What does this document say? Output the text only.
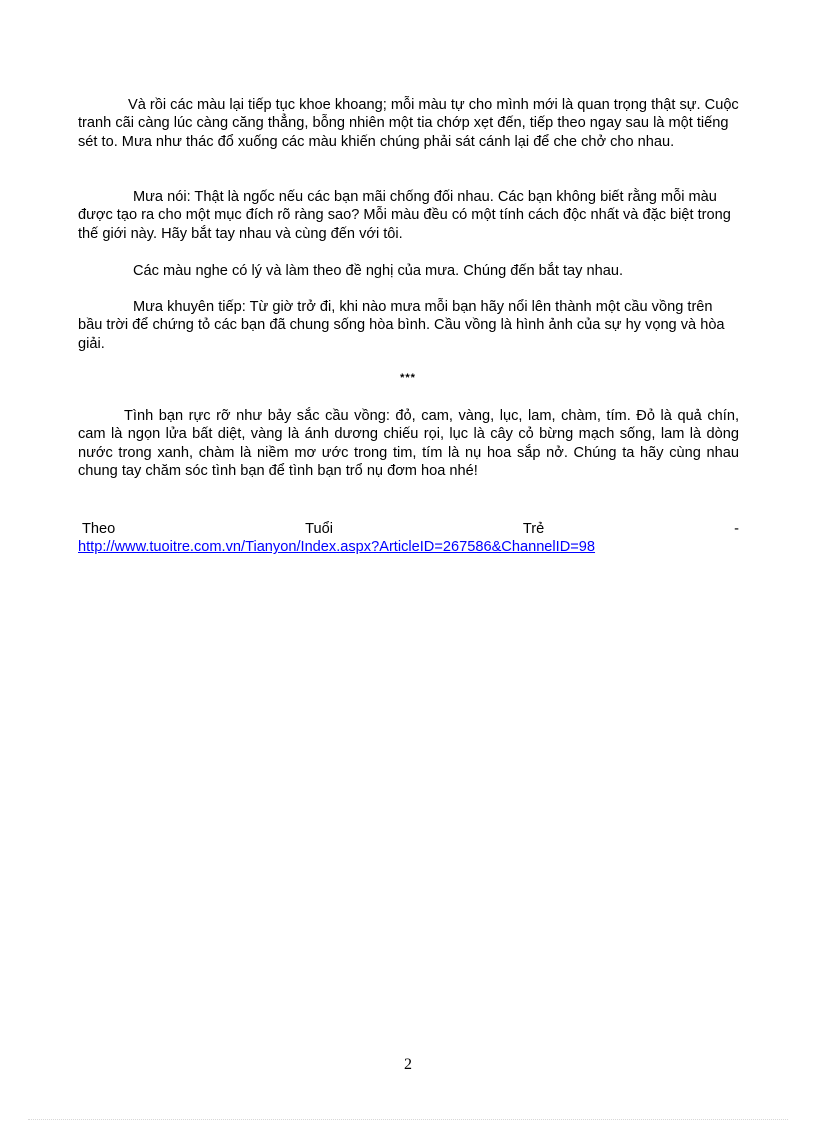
Và rồi các màu lại tiếp tục khoe khoang; mỗi màu tự cho mình mới là quan trọng thật sự. Cuộc tranh cãi càng lúc càng căng thẳng, bỗng nhiên một tia chớp xẹt đến, tiếp theo ngay sau là một tiếng sét to. Mưa như thác đổ xuống các màu khiến chúng phải sát cánh lại để che chở cho nhau.

Mưa nói: Thật là ngốc nếu các bạn mãi chống đối nhau. Các bạn không biết rằng mỗi màu được tạo ra cho một mục đích rõ ràng sao? Mỗi màu đều có một tính cách độc nhất và đặc biệt trong thế giới này. Hãy bắt tay nhau và cùng đến với tôi.

Các màu nghe có lý và làm theo đề nghị của mưa. Chúng đến bắt tay nhau.

Mưa khuyên tiếp: Từ giờ trở đi, khi nào mưa mỗi bạn hãy nổi lên thành một cầu vồng trên bầu trời để chứng tỏ các bạn đã chung sống hòa bình. Cầu vồng là hình ảnh của sự hy vọng và hòa giải.

***

Tình bạn rực rỡ như bảy sắc cầu vồng: đỏ, cam, vàng, lục, lam, chàm, tím. Đỏ là quả chín, cam là ngọn lửa bất diệt, vàng là ánh dương chiếu rọi, lục là cây cỏ bừng mạch sống, lam là dòng nước trong xanh, chàm là niềm mơ ước trong tim, tím là nụ hoa sắp nở. Chúng ta hãy cùng nhau chung tay chăm sóc tình bạn để tình bạn trổ nụ đơm hoa nhé!

Theo	Tuổi	Trẻ	-
http://www.tuoitre.com.vn/Tianyon/Index.aspx?ArticleID=267586&ChannelID=98
2
